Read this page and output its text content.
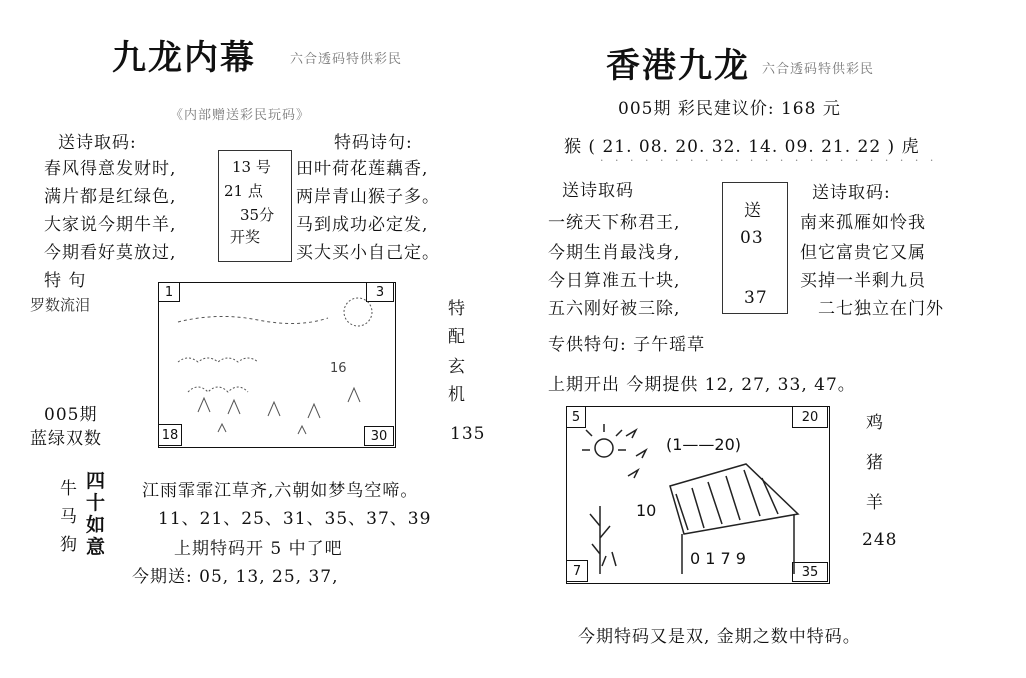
九龙内幕	六合透码特供彩民
《内部赠送彩民玩码》
送诗取码:
春风得意发财时,
满片都是红绿色,
大家说今期牛羊,
今期看好莫放过,
13 号
21 点
35分
开奖
特码诗句:
田叶荷花莲藕香,
两岸青山猴子多。
马到成功必定发,
买大买小自己定。
特 句
罗数流泪
1	3
18	30
16
特
配
玄
机
135
005期
蓝绿双数
牛
马
狗
四
十
如
意
江雨霏霏江草齐,六朝如梦鸟空啼。
11、21、25、31、35、37、39
上期特码开 5 中了吧
今期送: 05, 13, 25, 37,
香港九龙 六合透码特供彩民
005期 彩民建议价: 168 元
猴 ( 21. 08. 20. 32. 14. 09. 21. 22 ) 虎
· · · · · · · · · · · · · · · · · · · · · · ·
送诗取码	送诗取码:
一统天下称君王,
今期生肖最浅身,
今日算准五十块,
五六刚好被三除,
送
03
37
南来孤雁如怜我
但它富贵它又属
买掉一半剩九员
二七独立在门外
专供特句: 子午瑶草
上期开出 今期提供 12, 27, 33, 47。
5	20
7	35
(1——20)
10
0 1 7 9
鸡
猪
羊
248
今期特码又是双, 金期之数中特码。
